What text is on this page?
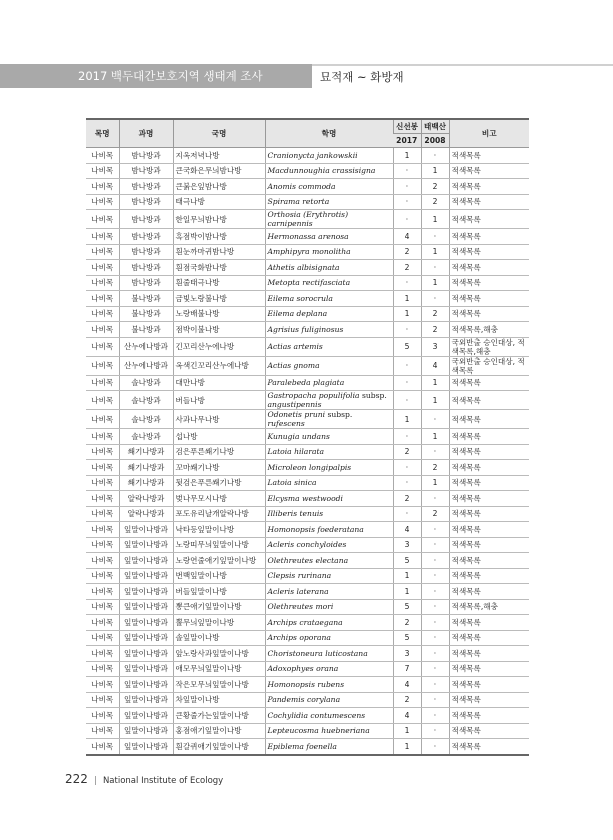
2017 백두대간보호지역 생태계 조사	묘적재 ~ 화방재
목명	과명	국명	학명	신선봉	태백산	비고
				2017	2008	
나비목	밤나방과	지옥저녁나방	Cranionycta jankowskii	1	·	적색목록
나비목	밤나방과	큰국화은무늬밤나방	Macdunnoughia crassisigna	·	1	적색목록
나비목	밤나방과	큰붉은잎밤나방	Anomis commoda	·	2	적색목록
나비목	밤나방과	태극나방	Spirama retorta	·	2	적색목록
나비목	밤나방과	한일무늬밤나방	Orthosia (Erythrotis) carnipennis	·	1	적색목록
나비목	밤나방과	흑점박이밤나방	Hermonassa arenosa	4	·	적색목록
나비목	밤나방과	흰눈까마귀밤나방	Amphipyra monolitha	2	1	적색목록
나비목	밤나방과	흰점국화밤나방	Athetis albisignata	2	·	적색목록
나비목	밤나방과	흰줄태극나방	Metopta rectifasciata	·	1	적색목록
나비목	불나방과	금빛노랑불나방	Eilema sorocrula	1	·	적색목록
나비목	불나방과	노랑배불나방	Eilema deplana	1	2	적색목록
나비목	불나방과	점박이불나방	Agrisius fuliginosus	·	2	적색목록,해충
나비목	산누에나방과	긴꼬리산누에나방	Actias artemis	5	3	국외반출 승인대상, 적색목록,해충
나비목	산누에나방과	옥색긴꼬리산누에나방	Actias gnoma	·	4	국외반출 승인대상, 적색목록
나비목	솔나방과	대만나방	Paralebeda plagiata	·	1	적색목록
나비목	솔나방과	버들나방	Gastropacha populifolia subsp. angustipennis	·	1	적색목록
나비목	솔나방과	사과나무나방	Odonetis pruni subsp. rufescens	1	·	적색목록
나비목	솔나방과	섭나방	Kunugia undans	·	1	적색목록
나비목	쐐기나방과	검은푸른쐐기나방	Latoia hilarata	2	·	적색목록
나비목	쐐기나방과	꼬마쐐기나방	Microleon longipalpis	·	2	적색목록
나비목	쐐기나방과	뒷검은푸른쐐기나방	Latoia sinica	·	1	적색목록
나비목	알락나방과	벚나무모시나방	Elcysma westwoodi	2	·	적색목록
나비목	알락나방과	포도유리날개알락나방	Illiberis tenuis	·	2	적색목록
나비목	잎말이나방과	낙타등잎말이나방	Homonopsis foederatana	4	·	적색목록
나비목	잎말이나방과	노랑띠무늬잎말이나방	Acleris conchyloides	3	·	적색목록
나비목	잎말이나방과	노랑연줄애기잎말이나방	Olethreutes electana	5	·	적색목록
나비목	잎말이나방과	번백잎말이나방	Clepsis rurinana	1	·	적색목록
나비목	잎말이나방과	버들잎말이나방	Acleris laterana	1	·	적색목록
나비목	잎말이나방과	뽕큰애기잎말이나방	Olethreutes mori	5	·	적색목록,해충
나비목	잎말이나방과	뿔무늬잎말이나방	Archips crataegana	2	·	적색목록
나비목	잎말이나방과	솔잎말이나방	Archips oporana	5	·	적색목록
나비목	잎말이나방과	앞노랑사과잎말이나방	Choristoneura luticostana	3	·	적색목록
나비목	잎말이나방과	애모무늬잎말이나방	Adoxophyes orana	7	·	적색목록
나비목	잎말이나방과	작은모무늬잎말이나방	Homonopsis rubens	4	·	적색목록
나비목	잎말이나방과	차잎말이나방	Pandemis corylana	2	·	적색목록
나비목	잎말이나방과	큰황줄가는잎말이나방	Cochylidia contumescens	4	·	적색목록
나비목	잎말이나방과	홍점애기잎말이나방	Lepteucosma huebneriana	1	·	적색목록
나비목	잎말이나방과	흰갈퀴애기잎말이나방	Epiblema foenella	1	·	적색목록
222 | National Institute of Ecology
